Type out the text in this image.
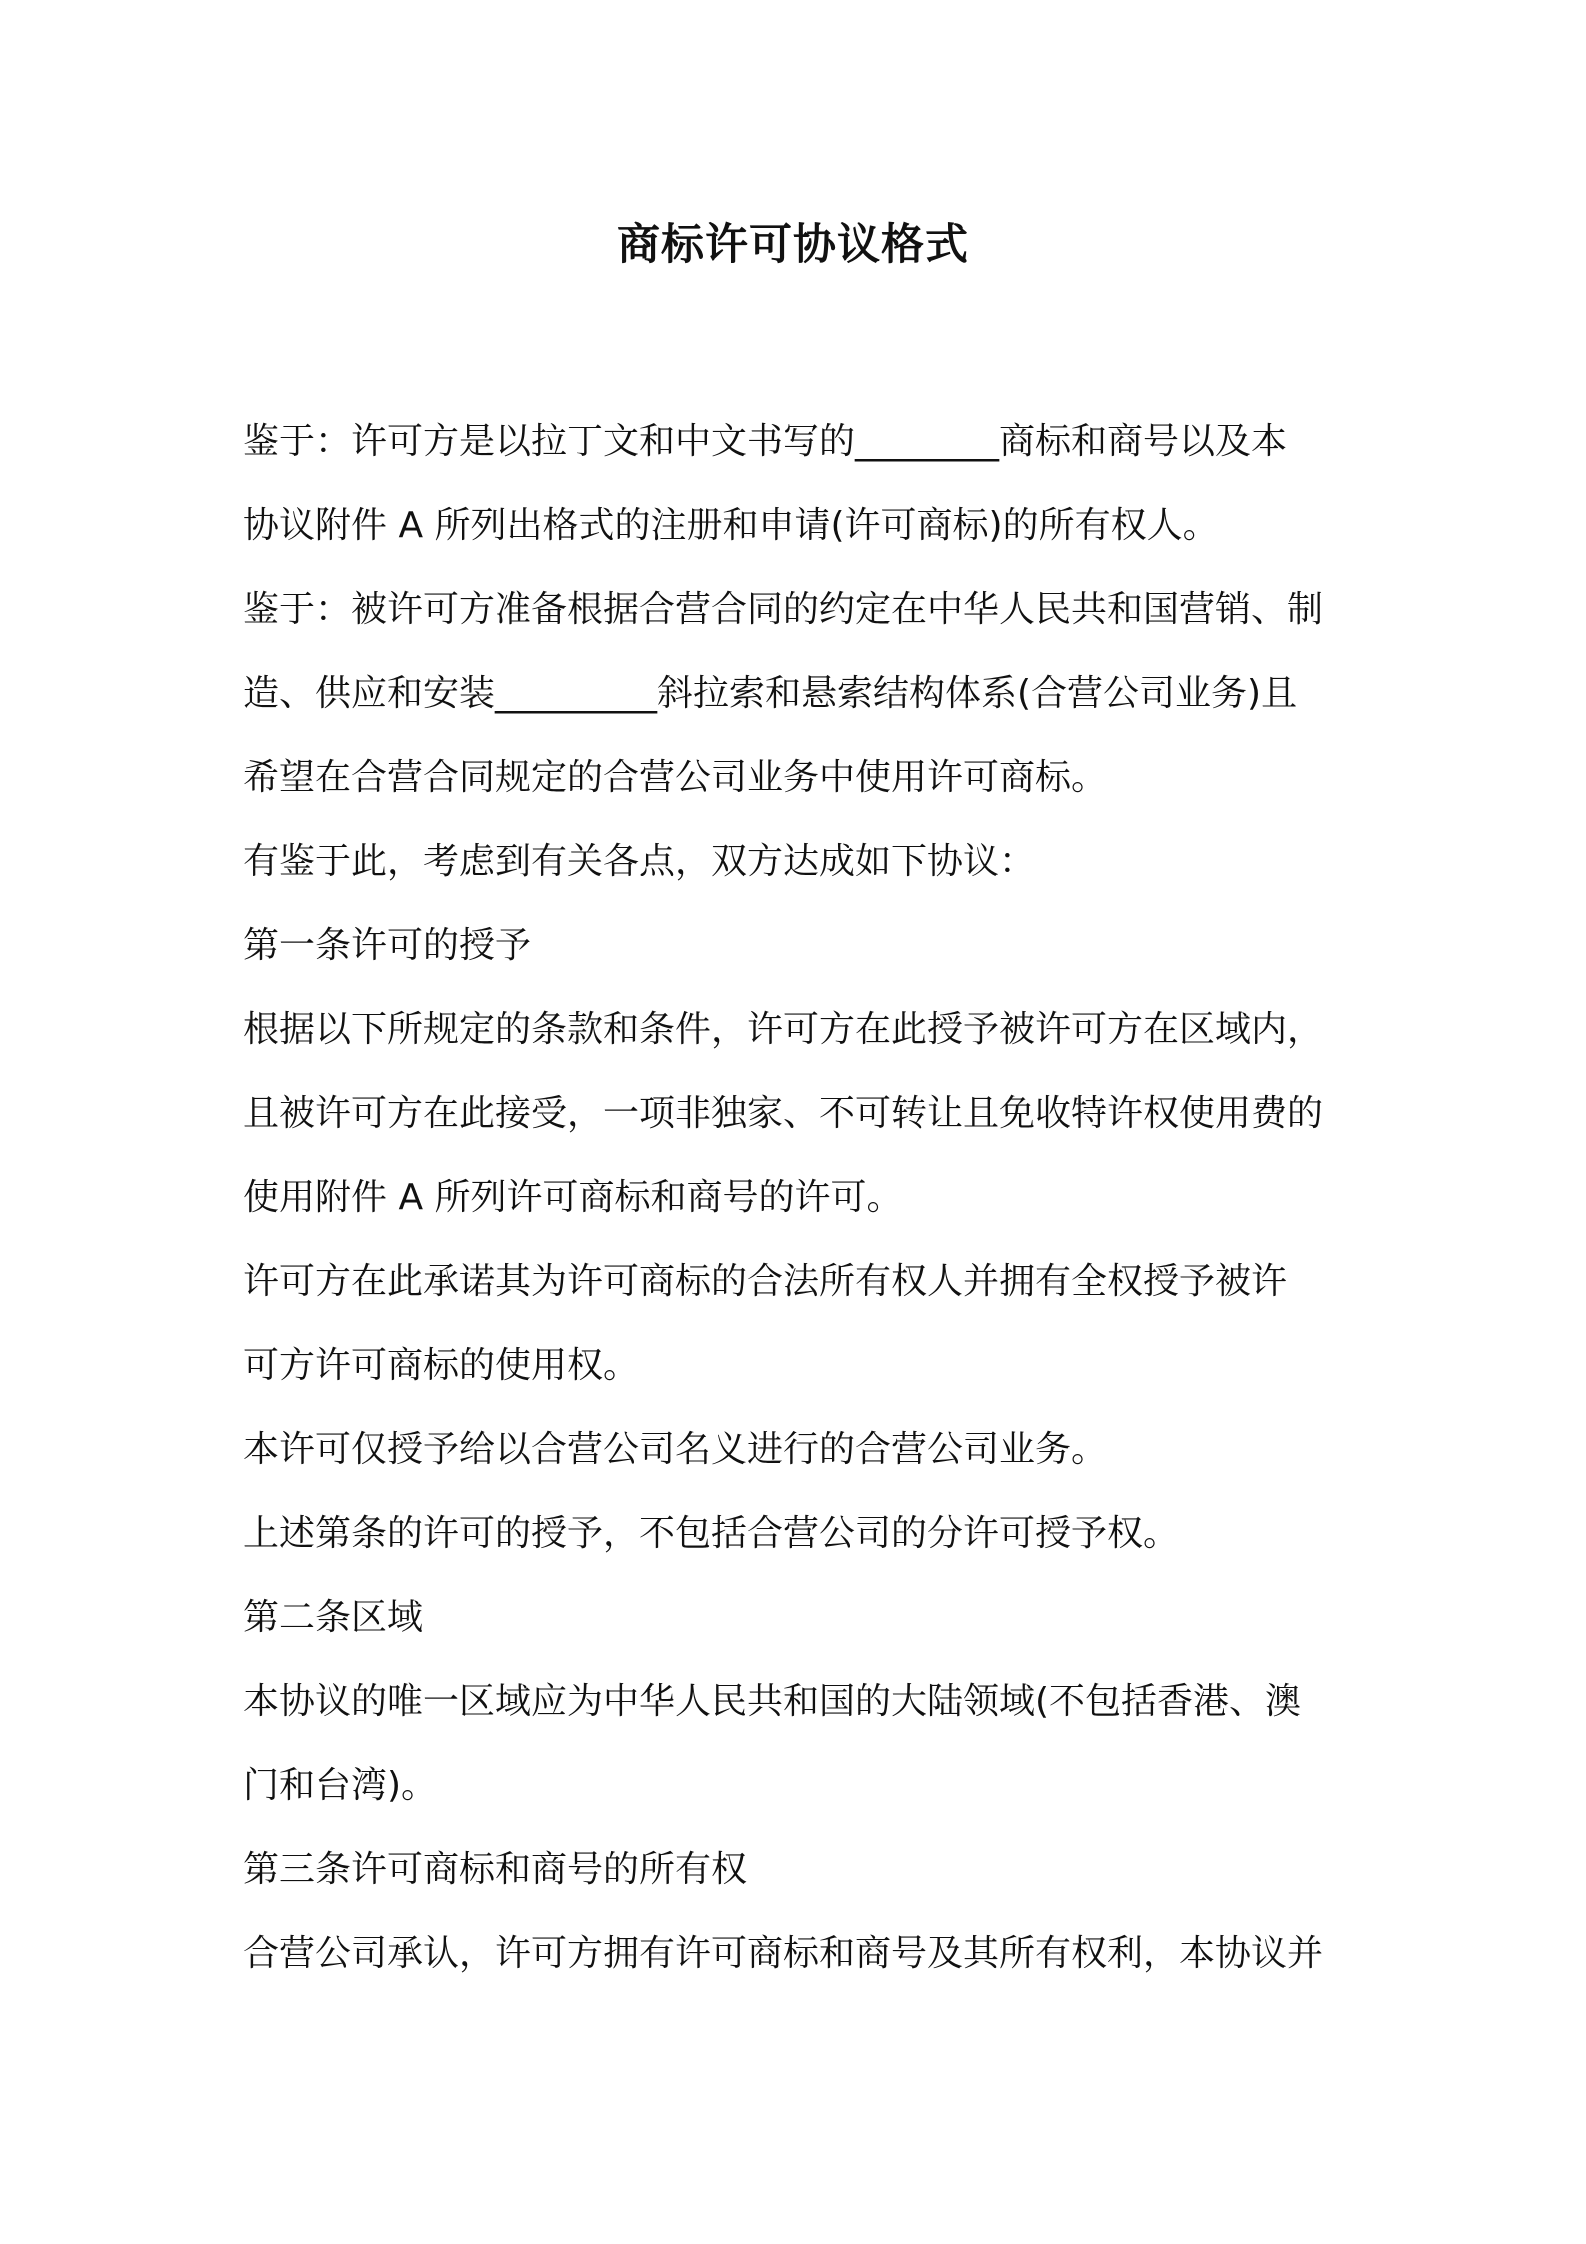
商标许可协议格式
鉴于：许可方是以拉丁文和中文书写的________商标和商号以及本
协议附件 A 所列出格式的注册和申请(许可商标)的所有权人。
鉴于：被许可方准备根据合营合同的约定在中华人民共和国营销、制
造、供应和安装_________斜拉索和悬索结构体系(合营公司业务)且
希望在合营合同规定的合营公司业务中使用许可商标。
有鉴于此，考虑到有关各点，双方达成如下协议：
第一条许可的授予
根据以下所规定的条款和条件，许可方在此授予被许可方在区域内，
且被许可方在此接受，一项非独家、不可转让且免收特许权使用费的
使用附件 A 所列许可商标和商号的许可。
许可方在此承诺其为许可商标的合法所有权人并拥有全权授予被许
可方许可商标的使用权。
本许可仅授予给以合营公司名义进行的合营公司业务。
上述第条的许可的授予，不包括合营公司的分许可授予权。
第二条区域
本协议的唯一区域应为中华人民共和国的大陆领域(不包括香港、澳
门和台湾)。
第三条许可商标和商号的所有权
合营公司承认，许可方拥有许可商标和商号及其所有权利，本协议并
